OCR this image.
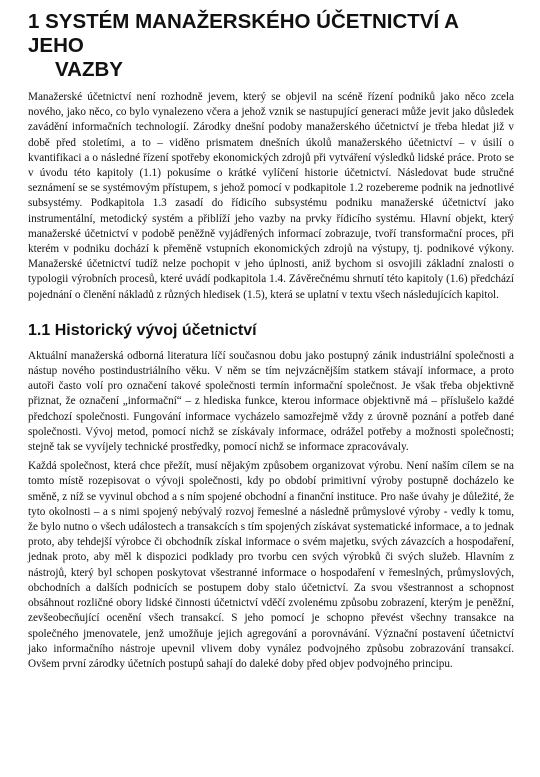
1 SYSTÉM MANAŽERSKÉHO ÚČETNICTVÍ A JEHO
VAZBY

Manažerské účetnictví není rozhodně jevem, který se objevil na scéně řízení podniků jako něco zcela nového, jako něco, co bylo vynalezeno včera a jehož vznik se nastupující generaci může jevit jako důsledek zavádění informačních technologií. Zárodky dnešní podoby manažerského účetnictví je třeba hledat již v době před stoletími, a to – viděno prismatem dnešních úkolů manažerského účetnictví – v úsilí o kvantifikaci a o následné řízení spotřeby ekonomických zdrojů při vytváření výsledků lidské práce. Proto se v úvodu této kapitoly (1.1) pokusíme o krátké vylíčení historie účetnictví. Následovat bude stručné seznámení se se systémovým přístupem, s jehož pomocí v podkapitole 1.2 rozebereme podnik na jednotlivé subsystémy. Podkapitola 1.3 zasadí do řídicího subsystému podniku manažerské účetnictví jako instrumentální, metodický systém a přiblíží jeho vazby na prvky řídicího systému. Hlavní objekt, který manažerské účetnictví v podobě peněžně vyjádřených informací zobrazuje, tvoří transformační proces, při kterém v podniku dochází k přeměně vstupních ekonomických zdrojů na výstupy, tj. podnikové výkony. Manažerské účetnictví tudíž nelze pochopit v jeho úplnosti, aniž bychom si osvojili základní znalosti o typologii výrobních procesů, které uvádí podkapitola 1.4. Závěrečnému shrnutí této kapitoly (1.6) předchází pojednání o členění nákladů z různých hledisek (1.5), která se uplatní v textu všech následujících kapitol.

1.1 Historický vývoj účetnictví

Aktuální manažerská odborná literatura líčí současnou dobu jako postupný zánik industriální společnosti a nástup nového postindustriálního věku. V něm se tím nejvzácnějším statkem stávají informace, a proto autoři často volí pro označení takové společnosti termín informační společnost. Je však třeba objektivně přiznat, že označení „informační“ – z hlediska funkce, kterou informace objektivně má – příslušelo každé předchozí společnosti. Fungování informace vycházelo samozřejmě vždy z úrovně poznání a potřeb dané společnosti. Vývoj metod, pomocí nichž se získávaly informace, odrážel potřeby a možnosti společnosti; stejně tak se vyvíjely technické prostředky, pomocí nichž se informace zpracovávaly.

Každá společnost, která chce přežít, musí nějakým způsobem organizovat výrobu. Není naším cílem se na tomto místě rozepisovat o vývoji společnosti, kdy po období primitivní výroby postupně docházelo ke směně, z níž se vyvinul obchod a s ním spojené obchodní a finanční instituce. Pro naše úvahy je důležité, že tyto okolnosti – a s nimi spojený nebývalý rozvoj řemeslné a následně průmyslové výroby - vedly k tomu, že bylo nutno o všech událostech a transakcích s tím spojených získávat systematické informace, a to jednak proto, aby tehdejší výrobce či obchodník získal informace o svém majetku, svých závazcích a hospodaření, jednak proto, aby měl k dispozici podklady pro tvorbu cen svých výrobků či svých služeb. Hlavním z nástrojů, který byl schopen poskytovat všestranné informace o hospodaření v řemeslných, průmyslových, obchodních a dalších podnicích se postupem doby stalo účetnictví. Za svou všestrannost a schopnost obsáhnout rozličné obory lidské činnosti účetnictví vděčí zvolenému způsobu zobrazení, kterým je peněžní, zevšeobecňující ocenění všech transakcí. S jeho pomocí je schopno převést všechny transakce na společného jmenovatele, jenž umožňuje jejich agregování a porovnávání. Význační postavení účetnictví jako informačního nástroje upevnil vlivem doby vynález podvojného způsobu zobrazování transakcí. Ovšem první zárodky účetních postupů sahají do daleké doby před objev podvojného principu.
